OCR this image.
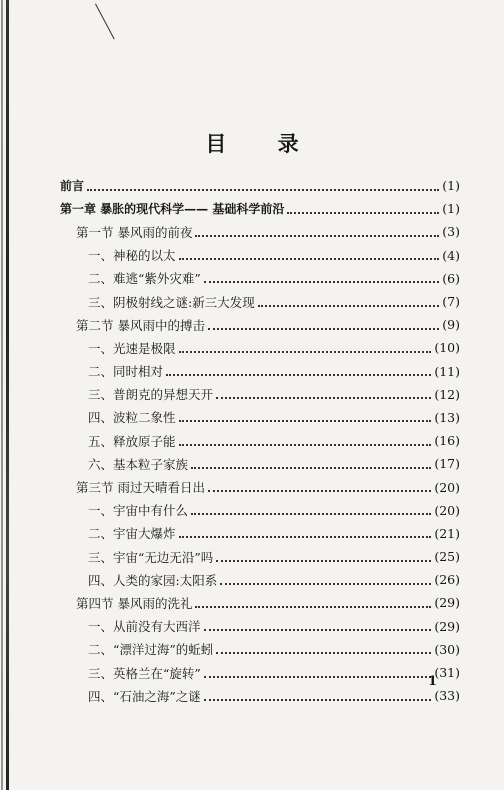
目 录
前言	(1)
第一章 暴胀的现代科学—— 基础科学前沿	(1)
第一节 暴风雨的前夜	(3)
一、神秘的以太	(4)
二、难逃“紫外灾难”	(6)
三、阴极射线之谜:新三大发现	(7)
第二节 暴风雨中的搏击	(9)
一、光速是极限	(10)
二、同时相对	(11)
三、普朗克的异想天开	(12)
四、波粒二象性	(13)
五、释放原子能	(16)
六、基本粒子家族	(17)
第三节 雨过天晴看日出	(20)
一、宇宙中有什么	(20)
二、宇宙大爆炸	(21)
三、宇宙“无边无沿”吗	(25)
四、人类的家园:太阳系	(26)
第四节 暴风雨的洗礼	(29)
一、从前没有大西洋	(29)
二、“漂洋过海”的蚯蚓	(30)
三、英格兰在“旋转”	(31)
四、“石油之海”之谜	(33)
1
